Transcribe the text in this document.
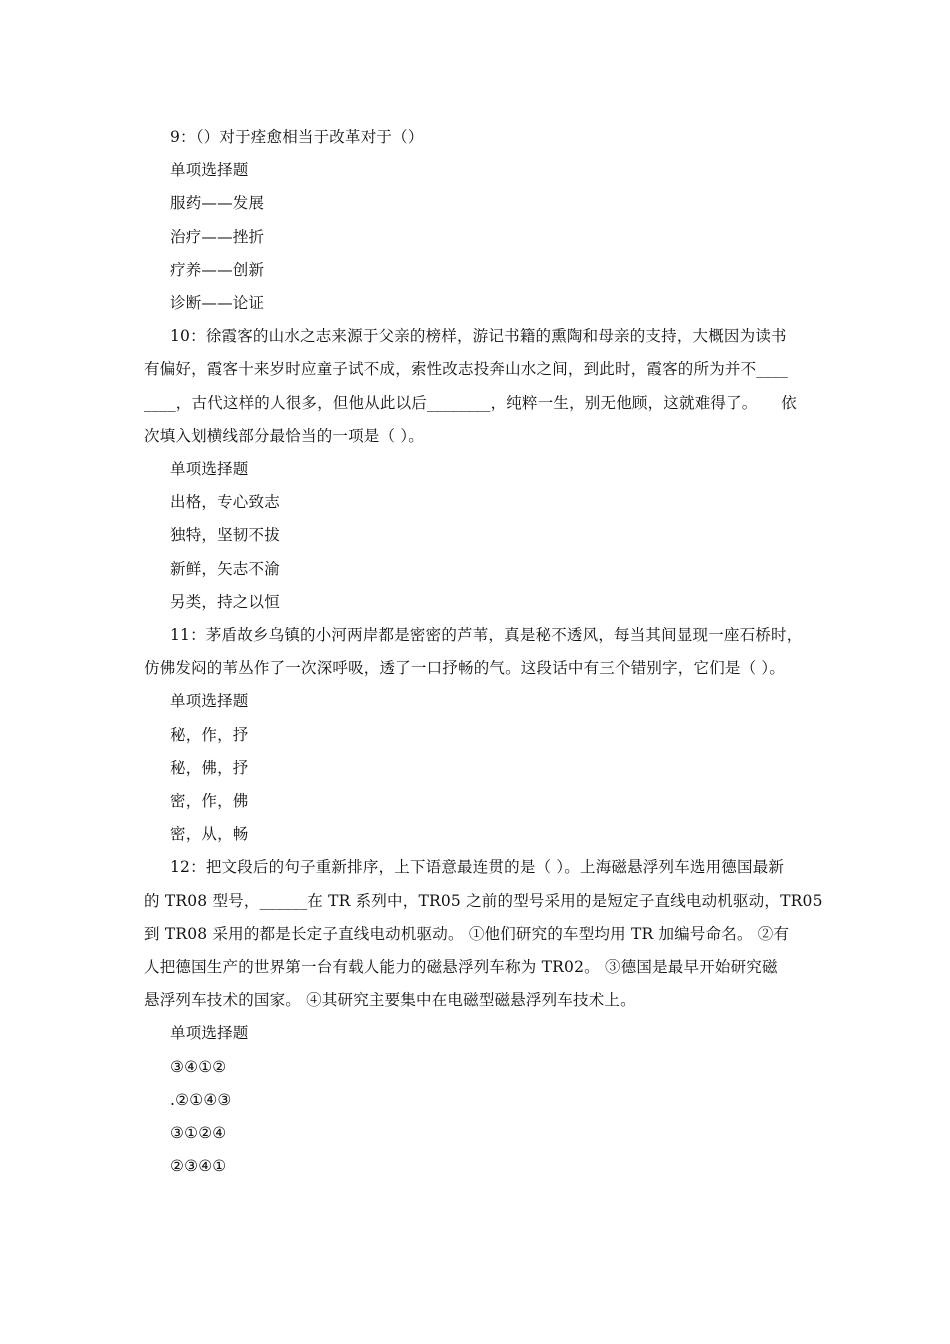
9：（）对于痊愈相当于改革对于（）
单项选择题
服药——发展
治疗——挫折
疗养——创新
诊断——论证
10：徐霞客的山水之志来源于父亲的榜样，游记书籍的熏陶和母亲的支持，大概因为读书
有偏好，霞客十来岁时应童子试不成，索性改志投奔山水之间，到此时，霞客的所为并不____
____，古代这样的人很多，但他从此以后________，纯粹一生，别无他顾，这就难得了。　　依
次填入划横线部分最恰当的一项是（ ）。
单项选择题
出格，专心致志
独特，坚韧不拔
新鲜，矢志不渝
另类，持之以恒
11：茅盾故乡乌镇的小河两岸都是密密的芦苇，真是秘不透风，每当其间显现一座石桥时，
仿佛发闷的苇丛作了一次深呼吸，透了一口抒畅的气。这段话中有三个错别字，它们是（ ）。
单项选择题
秘，作，抒
秘，佛，抒
密，作，佛
密，从，畅
12：把文段后的句子重新排序，上下语意最连贯的是（ ）。上海磁悬浮列车选用德国最新
的 TR08 型号，______在 TR 系列中，TR05 之前的型号采用的是短定子直线电动机驱动，TR05
到 TR08 采用的都是长定子直线电动机驱动。 ①他们研究的车型均用 TR 加编号命名。 ②有
人把德国生产的世界第一台有载人能力的磁悬浮列车称为 TR02。 ③德国是最早开始研究磁
悬浮列车技术的国家。 ④其研究主要集中在电磁型磁悬浮列车技术上。
单项选择题
③④①②
.②①④③
③①②④
②③④①
